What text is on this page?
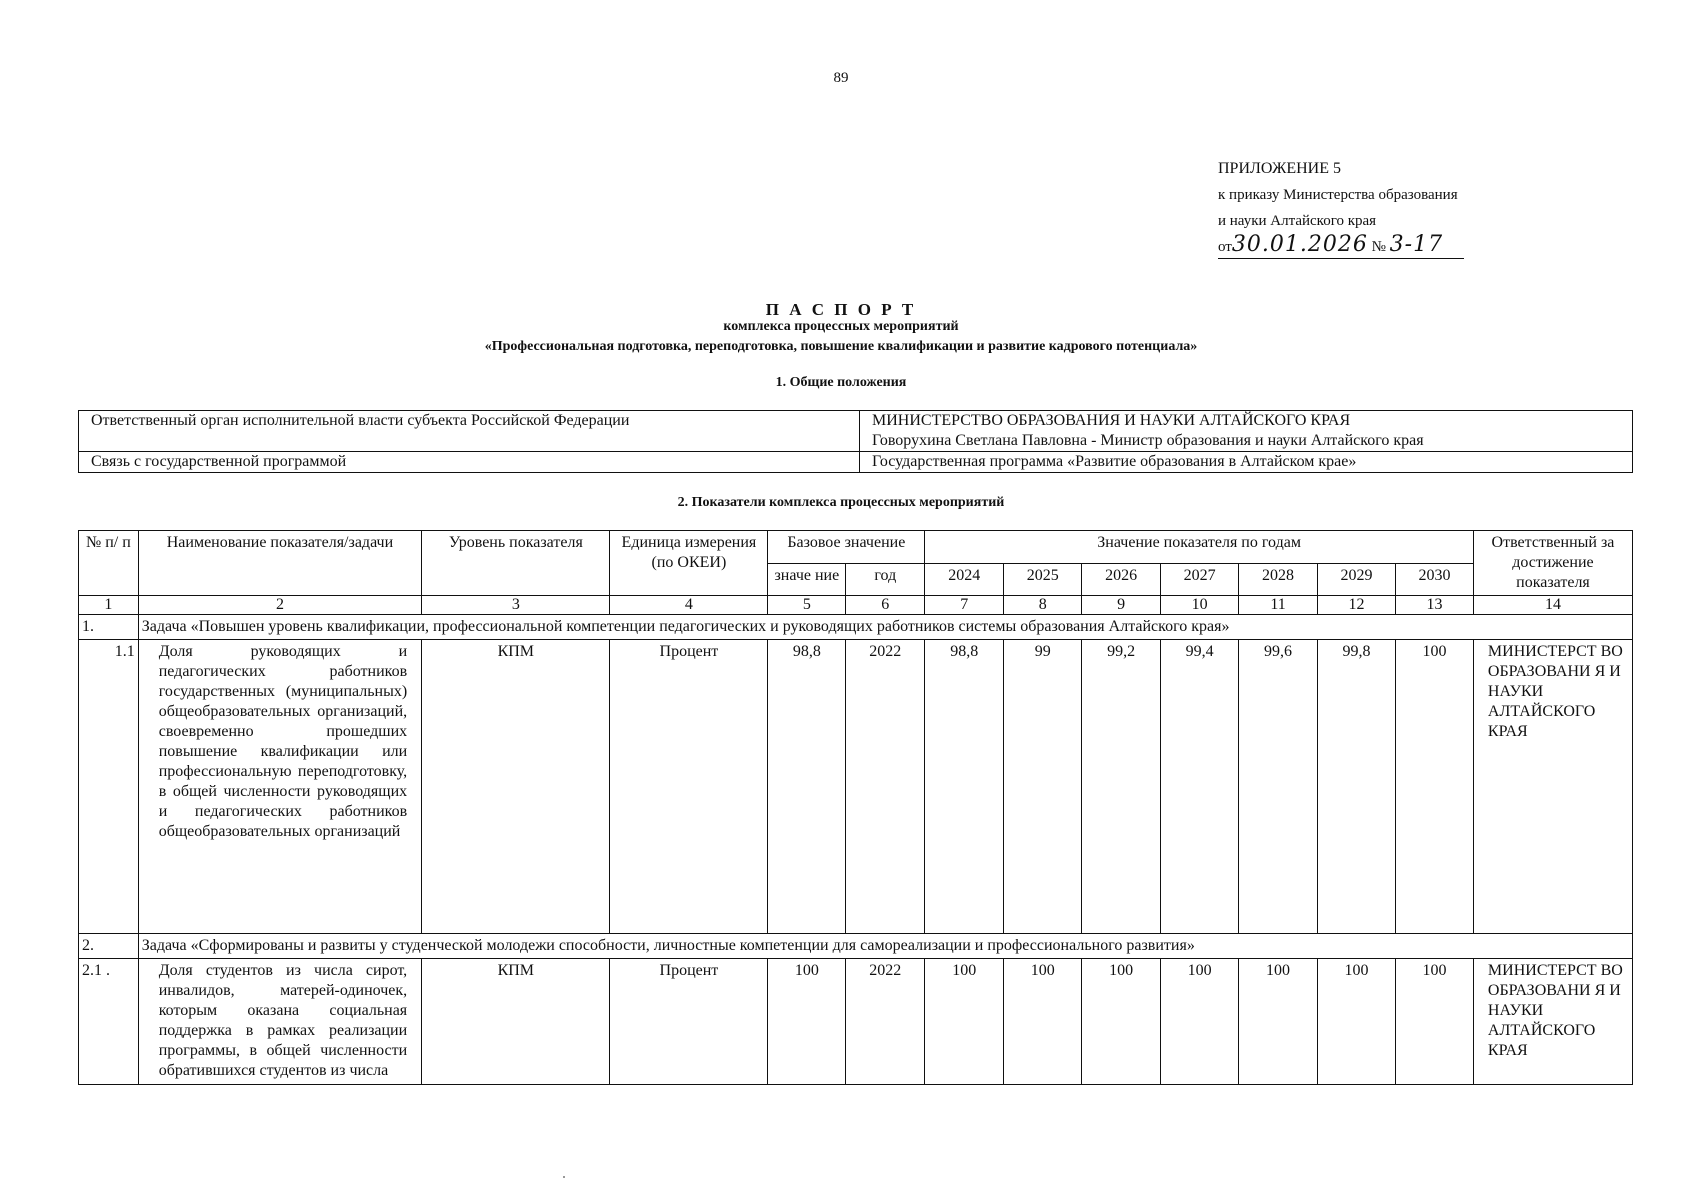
89
ПРИЛОЖЕНИЕ 5
к приказу Министерства образования
и науки Алтайского края
от30.01.2026 № 3-17
П А С П О Р Т
комплекса процессных мероприятий
«Профессиональная подготовка, переподготовка, повышение квалификации и развитие кадрового потенциала»
1. Общие положения
Ответственный орган исполнительной власти субъекта Российской Федерации	МИНИСТЕРСТВО ОБРАЗОВАНИЯ И НАУКИ АЛТАЙСКОГО КРАЯ
Говорухина Светлана Павловна - Министр образования и науки Алтайского края

Связь с государственной программой	Государственная программа «Развитие образования в Алтайском крае»
2. Показатели комплекса процессных мероприятий
№ п/ п	Наименование показателя/задачи	Уровень показателя	Единица измерения (по ОКЕИ)	Базовое значение		Значение показателя по годам							Ответственный за достижение показателя
				значе ние	год	2024	2025	2026	2027	2028	2029	2030	
1	2	3	4	5	6	7	8	9	10	11	12	13	14
1.	Задача «Повышен уровень квалификации, профессиональной компетенции педагогических и руководящих работников системы образования Алтайского края»												
1.1	Доля руководящих и педагогических работников государственных (муниципальных) общеобразовательных организаций, своевременно прошедших повышение квалификации или профессиональную переподготовку, в общей численности руководящих и педагогических работников общеобразовательных организаций	КПМ	Процент	98,8	2022	98,8	99	99,2	99,4	99,6	99,8	100	МИНИСТЕРСТ ВО ОБРАЗОВАНИ Я И НАУКИ АЛТАЙСКОГО КРАЯ
2.	Задача «Сформированы и развиты у студенческой молодежи способности, личностные компетенции для самореализации и профессионального развития»												
2.1 .	Доля студентов из числа сирот, инвалидов, матерей-одиночек, которым оказана социальная поддержка в рамках реализации программы, в общей численности обратившихся студентов из числа	КПМ	Процент	100	2022	100	100	100	100	100	100	100	МИНИСТЕРСТ ВО ОБРАЗОВАНИ Я И НАУКИ АЛТАЙСКОГО КРАЯ
